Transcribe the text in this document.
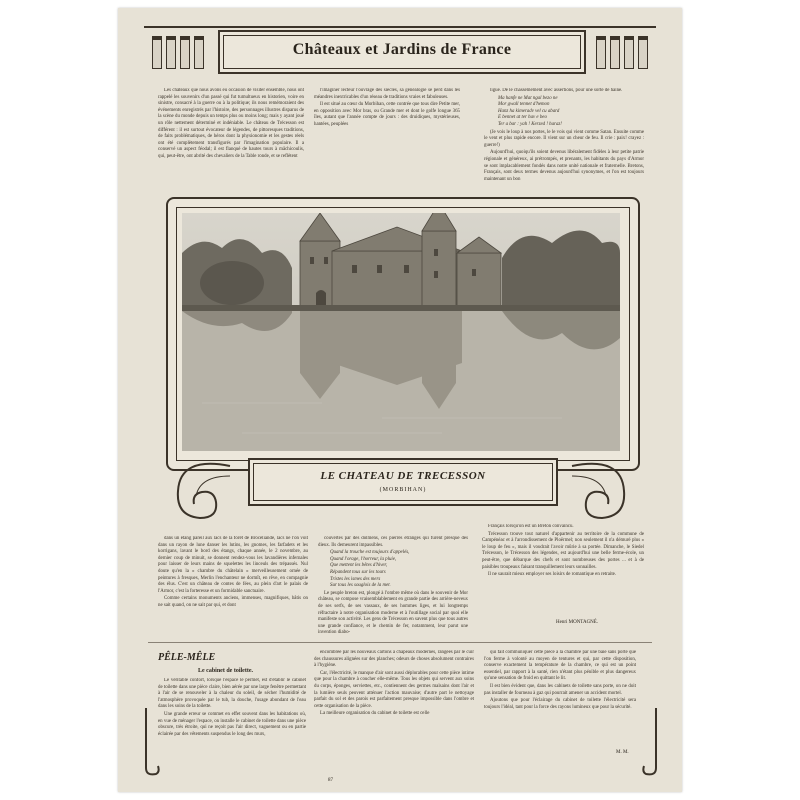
Châteaux et Jardins de France

Les châteaux que nous avons eu occasion de visiter ensemble, nous ont rappelé les souvenirs d'un passé qui fut tumultueux en historien, voire en sinistre, consacré à la guerre ou à la politique; ils nous remémoraient des événements enregistrés par l'histoire, des personnages illustres disparus de la scène du monde depuis un temps plus ou moins long; mais y ayant joué un rôle nettement déterminé et indéniable. Le château de Trécesson est différent : il est surtout évocateur de légendes, de pittoresques traditions, de faits problématiques, de héros dont la physionomie et les gestes réels ont été complètement transfigurés par l'imagination populaire. Il a conservé un aspect féodal; il est flanqué de hautes tours à mâchicoulis, qui, peut-être, ont abrité des chevaliers de la Table ronde, et se reflètent

l'imaginer lecteur l'ouvrage des siècles, sa généalogie se perd dans les méandres inextricables d'un réseau de traditions vraies et fabuleuses.

Il est situé au cœur du Morbihan, cette contrée que tous dire Petite mer, en opposition avec Mor bras, ou Grande mer et dont le golfe longue 365 îles, autant que l'année compte de jours : des druidiques, mystérieuses, hantées, peuplées

ligue. De le chassemement avec assertions, pour une sorte de haine.

Ma hanfe ne Mat ngal bezo ne
Mor gwall tennet d'hemon
Hanz ha kimeradv vel cu abard
E bennet at ter hav e beo
Ter a bar : yah ! Kerzed ! haraz!

(Je vois le loup à nos portes, le le vois qui vient comme Satan. Ensuite comme le vent et plus rapide encore. Il vient sur un cheur de feu. Il crie : paix! crayez : guerre!)

Aujourd'hui, quoiqu'ils soient devenus libéralement fidèles à leur petite patrie régionale et généreux, ai prétrompés, et prenants, les habitants du pays d'Armor se sont implacablement fondés dans notre unité nationale et fraternelle. Bretons, Français, sont deux termes devenus aujourd'hui synonymes, et l'on est toujours maintenant un bon

LE CHATEAU DE TRECESSON
(MORBIHAN)

dans un étang pareil aux lacs de la forêt de Brocéliande, lacs ne l'on voit dans un rayon de lune danser les lutins, les gnomes, les farfadets et les korrigans, lavant le bord des étangs, chaque année, le 2 novembre, au dernier coup de minuit, se donnent rendez-vous les lavandières infernales pour laisser de leurs mains de squelettes les linceuls des trépassés. Nul doute qu'en la « chambre du châtelain » merveilleusement ornée de peintures à fresques, Merlin l'enchanteur ne dormît, en rêve, en compagnie des élus. C'est un château de contes de fées, au plein d'art le palais de l'Armor, c'est la forteresse et un formidable sanctuaire.

Comme certains monuments anciens, immenses, magnifiques, bâtis on ne sait quand, on ne sait par qui, et dont

couvertes par des dolmens, ces pierres étranges qui furent presque des dieux. Ils demeurent impassibles.

Quand la trouche est toujours d'appelés,
Quand l'orage, l'horreur, la pluie,
Que mettent les bêtes d'hiver,
Répandent tous sur les tours
Tristes les ismes des mers
Sur tous les souglois de la mer.

Le peuple breton est, plongé à l'ombre même où dans le souvenir de Mor château, se compose vraisemblablement en grande partie des arrière-neveux de ses serfs, de ses vassaux, de ses hommes liges, et lui longtemps réfractaire à notre organisation moderne et à l'outillage social par quoi elle manifeste son activité. Les gens de Trécesson en savent plus que tous autres une grande confiance, et le chemin de fer, notamment, leur parut une invention diabo-

Français lorsqu'on est un Breton convaincu.

Trécesson trouve tout naturel d'appartenir au territoire de la commune de Campénéac et à l'arrondissement de Ploërmel; non seulement il n'a démuré plus « le loup de feu », mais il voudrait l'avoir mûrie à sa portée. Dimanche, le Siedel Trécesson, le Trécesson des légendes, est aujourd'hui une belle ferme-école, un peut-être, que débarque des chefs et sont nombreuses des portes ... et à de paisibles troupeaux faisant tranquillement leurs sonnailles.

Il ne saurait mieux employer ses loisirs de romantique en retraite.

Henri MONTAGNÉ.
PÊLE-MÊLE
Le cabinet de toilette.

Le véritable confort, lorsque l'espace le permet, est d'établir le cabinet de toilette dans une pièce claire, bien aérée par une large fenêtre permettant à l'air de se renouveler à la chaleur du soleil, de sécher l'humidité de l'atmosphère provoquée par le tub, la douche, l'usage abondant de l'eau dans les soins de la toilette.

Une grande erreur se commet en effet souvent dans les habitations où, en vue de ménager l'espace, on installe le cabinet de toilette dans une pièce obscure, très étroite, qui ne reçoit pas l'air direct, vaguement ou en partie éclairée par des vêtements suspendus le long des murs,

encombrée par les nouveaux cartons à chapeaux modernes, rangées par le cuir des chaussures alignées sur des planches; odeurs de choses absolument contraires à l'hygiène.

Car, l'électricité, le manque d'air sont aussi déplorables pour cette pièce intime que pour la chambre à coucher elle-même. Tous les objets qui servent aux soins du corps, éponges, serviettes, etc., contiennent des germes malsains dont l'air et la lumière seuls peuvent atténuer l'action mauvaise; d'autre part le nettoyage parfait du sol et des parois est parfaitement presque impossible dans l'ombre et cette organisation de la pièce.

La meilleure organisation du cabinet de toilette est celle

qui fait communiquer cette pièce à la chambre par une baie sans porte que l'on ferme à volonté au moyen de tentures et qui, par cette disposition, conserve exactement la température de la chambre, ce qui est un point essentiel, par rapport à la santé, rien n'étant plus pénible et plus dangereux qu'une sensation de froid en quittant le lit.

Il est bien évident que, dans les cabinets de toilette sans porte, on ne doit pas installer de fourneau à gaz qui pourrait amener un accident mortel.

Ajoutons que pour l'éclairage du cabinet de toilette l'électricité sera toujours l'idéal, tant pour la force des rayons lumineux que pour la sécurité.

M. M.
87
